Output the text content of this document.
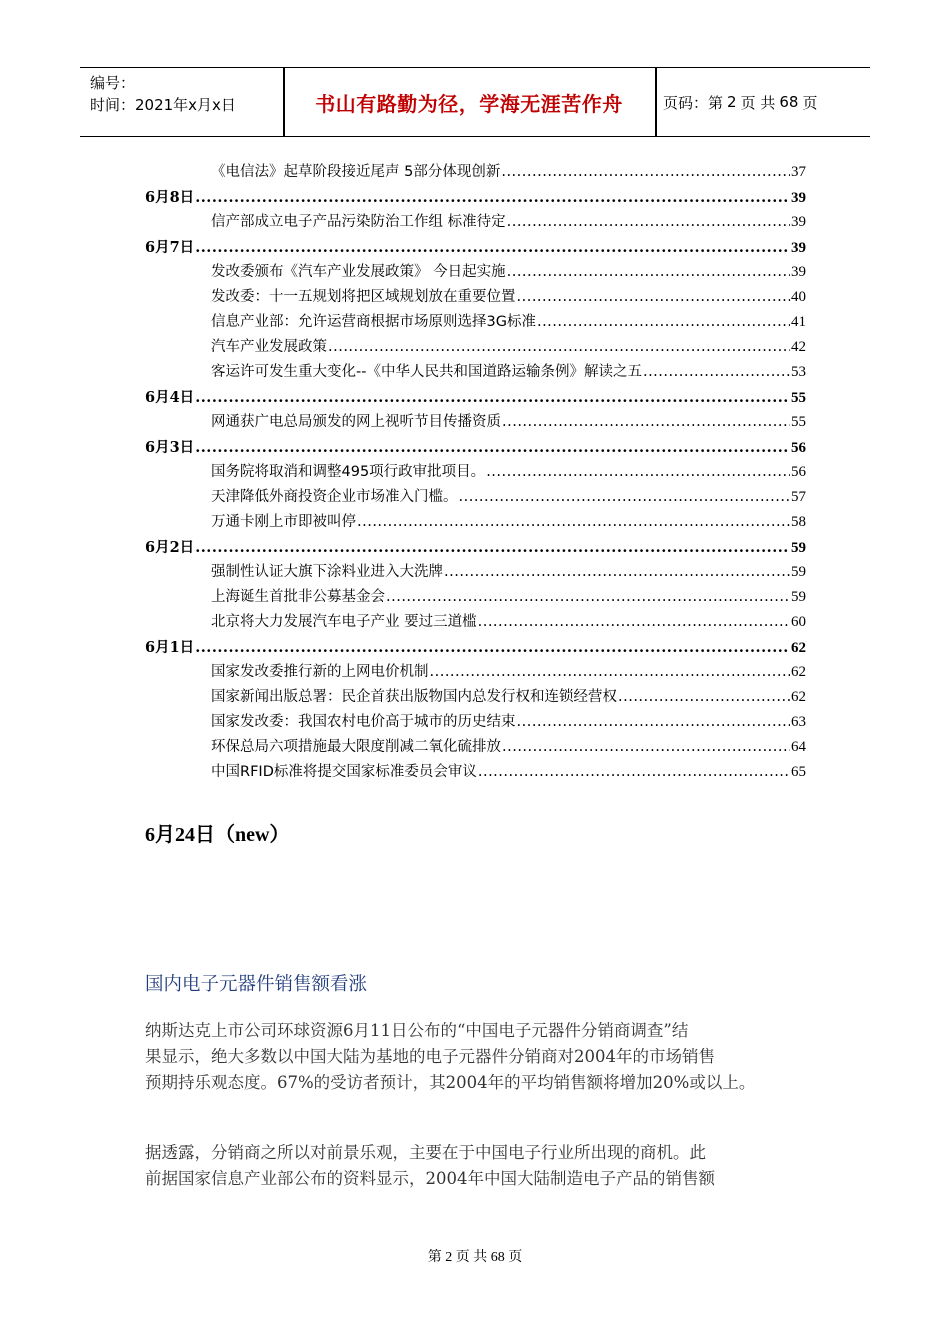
编号：
时间：2021年x月x日	书山有路勤为径，学海无涯苦作舟	页码：第 2 页 共 68 页
《电信法》起草阶段接近尾声 5部分体现创新 .....	37
6月8日 .....	39
信产部成立电子产品污染防治工作组 标准待定 .....	39
6月7日 .....	39
发改委颁布《汽车产业发展政策》 今日起实施 .....	39
发改委：十一五规划将把区域规划放在重要位置 .....	40
信息产业部：允许运营商根据市场原则选择3G标准 .....	41
汽车产业发展政策 .....	42
客运许可发生重大变化--《中华人民共和国道路运输条例》解读之五 .....	53
6月4日 .....	55
网通获广电总局颁发的网上视听节目传播资质 .....	55
6月3日 .....	56
国务院将取消和调整495项行政审批项目。 .....	56
天津降低外商投资企业市场准入门槛。 .....	57
万通卡刚上市即被叫停 .....	58
6月2日 .....	59
强制性认证大旗下涂料业进入大洗牌 .....	59
上海诞生首批非公募基金会 .....	59
北京将大力发展汽车电子产业 要过三道槛 .....	60
6月1日 .....	62
国家发改委推行新的上网电价机制 .....	62
国家新闻出版总署：民企首获出版物国内总发行权和连锁经营权 .....	62
国家发改委：我国农村电价高于城市的历史结束 .....	63
环保总局六项措施最大限度削减二氧化硫排放 .....	64
中国RFID标准将提交国家标准委员会审议 .....	65
6月24日（new）
国内电子元器件销售额看涨
纳斯达克上市公司环球资源6月11日公布的“中国电子元器件分销商调查”结
果显示，绝大多数以中国大陆为基地的电子元器件分销商对2004年的市场销售
预期持乐观态度。67%的受访者预计，其2004年的平均销售额将增加20%或以上。
据透露，分销商之所以对前景乐观，主要在于中国电子行业所出现的商机。此
前据国家信息产业部公布的资料显示，2004年中国大陆制造电子产品的销售额
第 2 页 共 68 页
